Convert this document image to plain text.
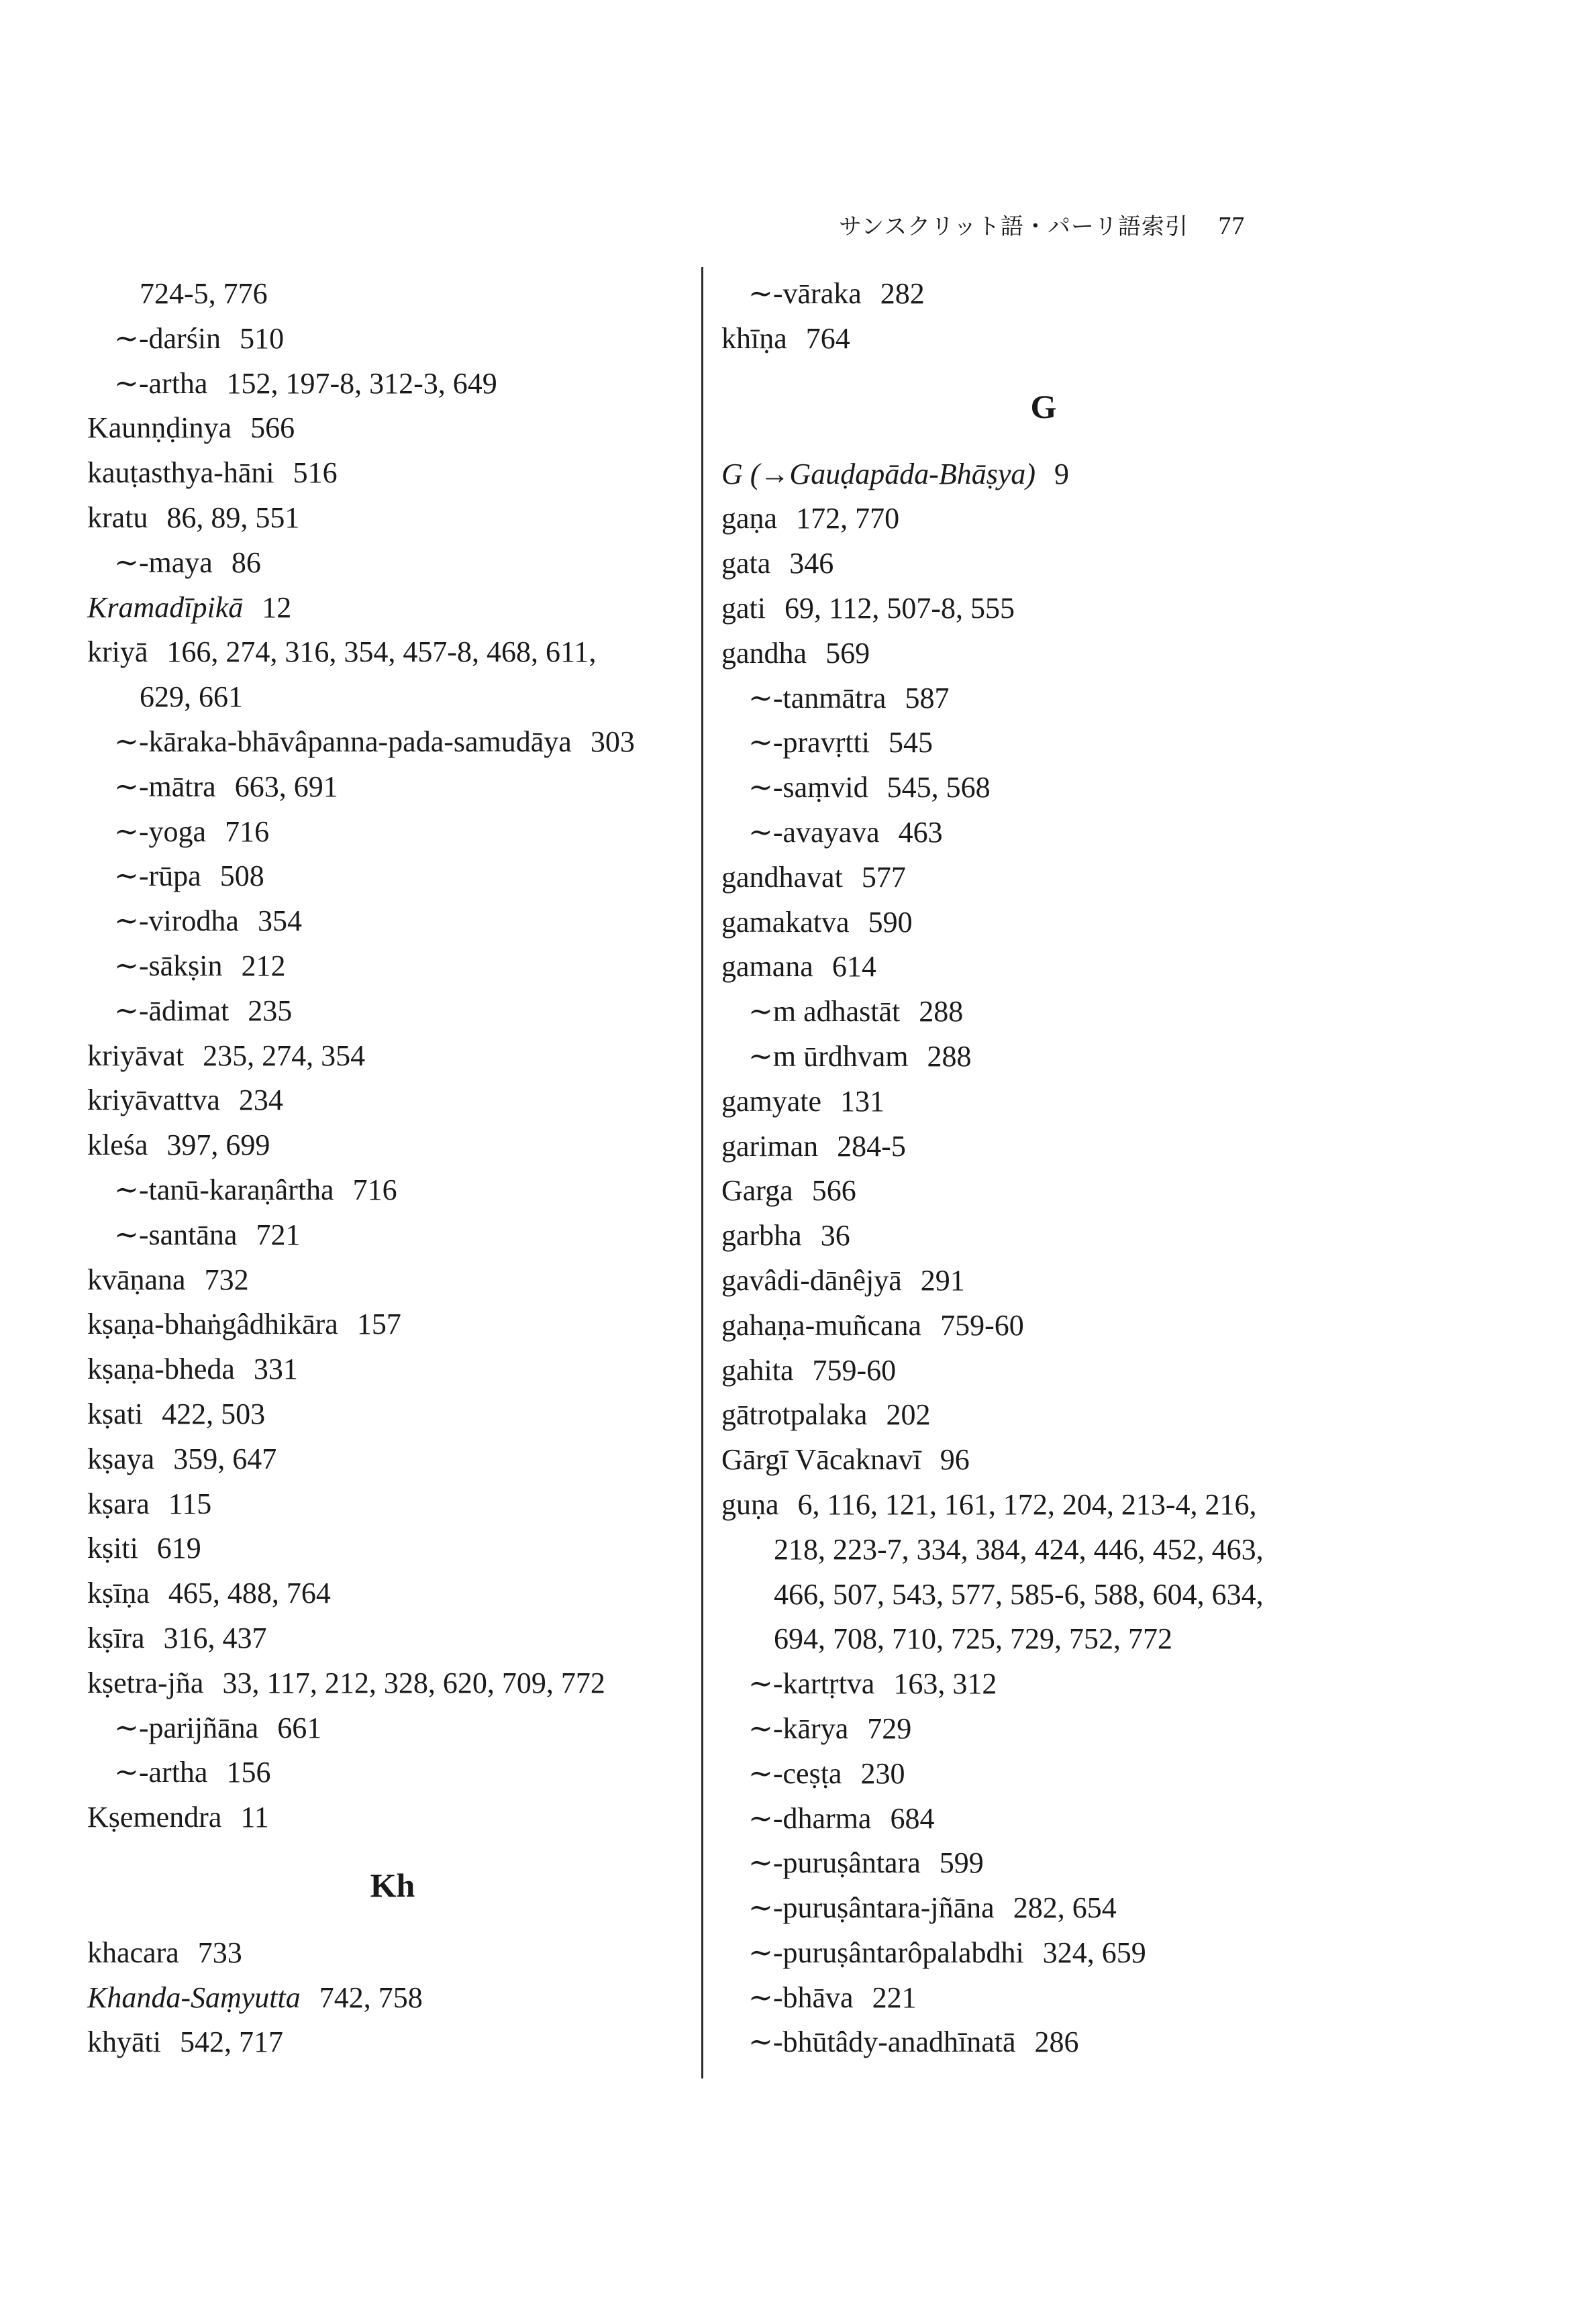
サンスクリット語・パーリ語索引 77
724-5, 776
∼-darśin 510
∼-artha 152, 197-8, 312-3, 649
Kaunṇḍinya 566
kauṭasthya-hāni 516
kratu 86, 89, 551
∼-maya 86
Kramadīpikā 12
kriyā 166, 274, 316, 354, 457-8, 468, 611,
629, 661
∼-kāraka-bhāvâpanna-pada-samudāya 303
∼-mātra 663, 691
∼-yoga 716
∼-rūpa 508
∼-virodha 354
∼-sākṣin 212
∼-ādimat 235
kriyāvat 235, 274, 354
kriyāvattva 234
kleśa 397, 699
∼-tanū-karaṇârtha 716
∼-santāna 721
kvāṇana 732
kṣaṇa-bhaṅgâdhikāra 157
kṣaṇa-bheda 331
kṣati 422, 503
kṣaya 359, 647
kṣara 115
kṣiti 619
kṣīṇa 465, 488, 764
kṣīra 316, 437
kṣetra-jña 33, 117, 212, 328, 620, 709, 772
∼-parijñāna 661
∼-artha 156
Kṣemendra 11
Kh
khacara 733
Khanda-Saṃyutta 742, 758
khyāti 542, 717
∼-vāraka 282
khīṇa 764
G
G (→Gauḍapāda-Bhāṣya) 9
gaṇa 172, 770
gata 346
gati 69, 112, 507-8, 555
gandha 569
∼-tanmātra 587
∼-pravṛtti 545
∼-saṃvid 545, 568
∼-avayava 463
gandhavat 577
gamakatva 590
gamana 614
∼m adhastāt 288
∼m ūrdhvam 288
gamyate 131
gariman 284-5
Garga 566
garbha 36
gavâdi-dānêjyā 291
gahaṇa-muñcana 759-60
gahita 759-60
gātrotpalaka 202
Gārgī Vācaknavī 96
guṇa 6, 116, 121, 161, 172, 204, 213-4, 216,
218, 223-7, 334, 384, 424, 446, 452, 463,
466, 507, 543, 577, 585-6, 588, 604, 634,
694, 708, 710, 725, 729, 752, 772
∼-kartṛtva 163, 312
∼-kārya 729
∼-ceṣṭa 230
∼-dharma 684
∼-puruṣântara 599
∼-puruṣântara-jñāna 282, 654
∼-puruṣântarôpalabdhi 324, 659
∼-bhāva 221
∼-bhūtâdy-anadhīnatā 286
